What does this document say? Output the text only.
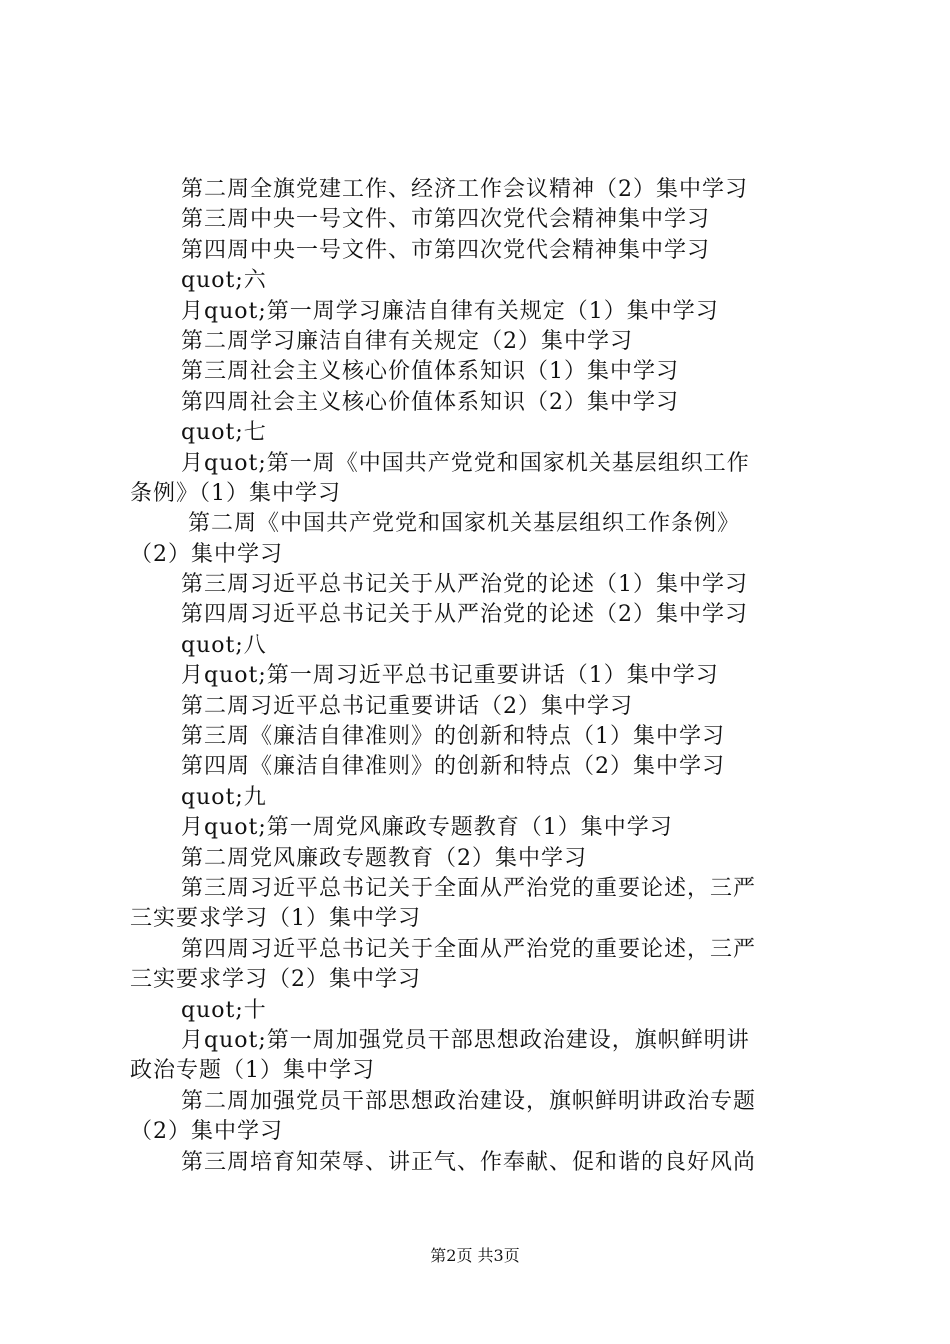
第二周全旗党建工作、经济工作会议精神（2）集中学习
第三周中央一号文件、市第四次党代会精神集中学习
第四周中央一号文件、市第四次党代会精神集中学习
quot;六
月quot;第一周学习廉洁自律有关规定（1）集中学习
第二周学习廉洁自律有关规定（2）集中学习
第三周社会主义核心价值体系知识（1）集中学习
第四周社会主义核心价值体系知识（2）集中学习
quot;七
月quot;第一周《中国共产党党和国家机关基层组织工作
条例》（1）集中学习
第二周《中国共产党党和国家机关基层组织工作条例》
（2）集中学习
第三周习近平总书记关于从严治党的论述（1）集中学习
第四周习近平总书记关于从严治党的论述（2）集中学习
quot;八
月quot;第一周习近平总书记重要讲话（1）集中学习
第二周习近平总书记重要讲话（2）集中学习
第三周《廉洁自律准则》的创新和特点（1）集中学习
第四周《廉洁自律准则》的创新和特点（2）集中学习
quot;九
月quot;第一周党风廉政专题教育（1）集中学习
第二周党风廉政专题教育（2）集中学习
第三周习近平总书记关于全面从严治党的重要论述，三严
三实要求学习（1）集中学习
第四周习近平总书记关于全面从严治党的重要论述，三严
三实要求学习（2）集中学习
quot;十
月quot;第一周加强党员干部思想政治建设，旗帜鲜明讲
政治专题（1）集中学习
第二周加强党员干部思想政治建设，旗帜鲜明讲政治专题
（2）集中学习
第三周培育知荣辱、讲正气、作奉献、促和谐的良好风尚
第2页 共3页
